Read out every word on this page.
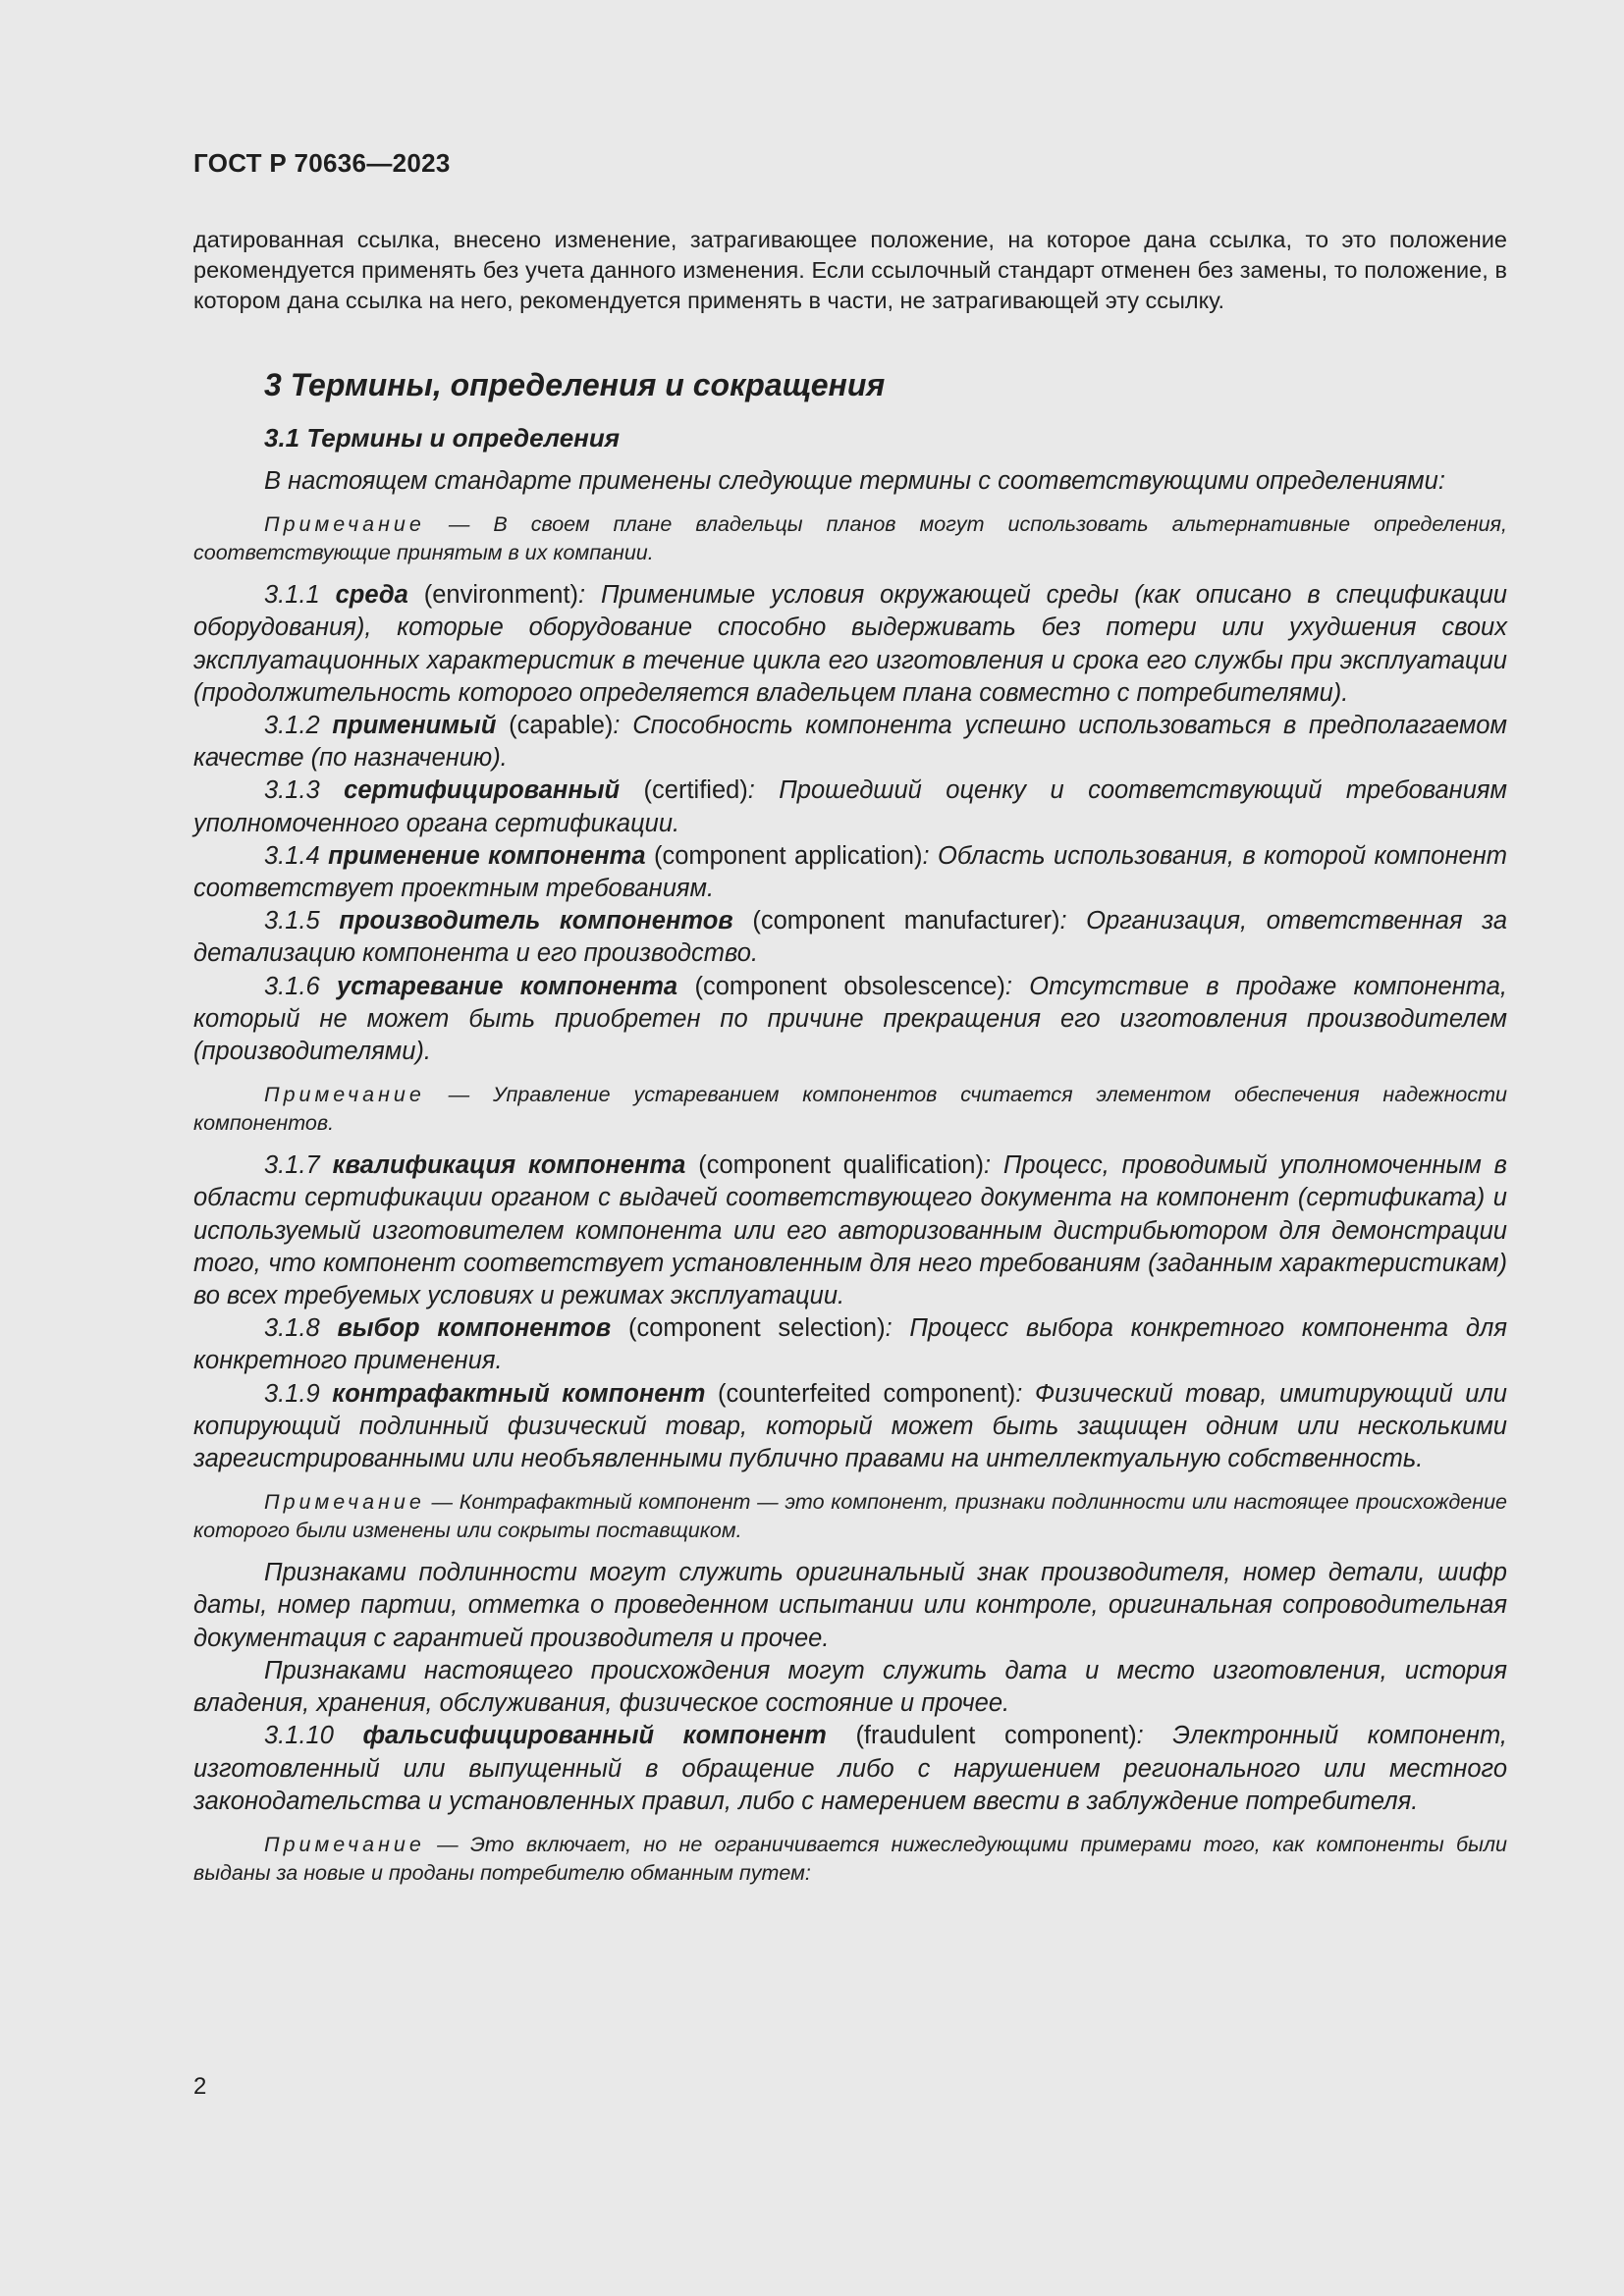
ГОСТ Р 70636—2023

датированная ссылка, внесено изменение, затрагивающее положение, на которое дана ссылка, то это положение рекомендуется применять без учета данного изменения. Если ссылочный стандарт отменен без замены, то положение, в котором дана ссылка на него, рекомендуется применять в части, не затрагивающей эту ссылку.

3 Термины, определения и сокращения
3.1 Термины и определения

В настоящем стандарте применены следующие термины с соответствующими определениями:

Примечание — В своем плане владельцы планов могут использовать альтернативные определения, соответствующие принятым в их компании.

3.1.1 среда (environment): Применимые условия окружающей среды (как описано в спецификации оборудования), которые оборудование способно выдерживать без потери или ухудшения своих эксплуатационных характеристик в течение цикла его изготовления и срока его службы при эксплуатации (продолжительность которого определяется владельцем плана совместно с потребителями).

3.1.2 применимый (capable): Способность компонента успешно использоваться в предполагаемом качестве (по назначению).

3.1.3 сертифицированный (certified): Прошедший оценку и соответствующий требованиям уполномоченного органа сертификации.

3.1.4 применение компонента (component application): Область использования, в которой компонент соответствует проектным требованиям.

3.1.5 производитель компонентов (component manufacturer): Организация, ответственная за детализацию компонента и его производство.

3.1.6 устаревание компонента (component obsolescence): Отсутствие в продаже компонента, который не может быть приобретен по причине прекращения его изготовления производителем (производителями).

Примечание — Управление устареванием компонентов считается элементом обеспечения надежности компонентов.

3.1.7 квалификация компонента (component qualification): Процесс, проводимый уполномоченным в области сертификации органом с выдачей соответствующего документа на компонент (сертификата) и используемый изготовителем компонента или его авторизованным дистрибьютором для демонстрации того, что компонент соответствует установленным для него требованиям (заданным характеристикам) во всех требуемых условиях и режимах эксплуатации.

3.1.8 выбор компонентов (component selection): Процесс выбора конкретного компонента для конкретного применения.

3.1.9 контрафактный компонент (counterfeited component): Физический товар, имитирующий или копирующий подлинный физический товар, который может быть защищен одним или несколькими зарегистрированными или необъявленными публично правами на интеллектуальную собственность.

Примечание — Контрафактный компонент — это компонент, признаки подлинности или настоящее происхождение которого были изменены или сокрыты поставщиком.

Признаками подлинности могут служить оригинальный знак производителя, номер детали, шифр даты, номер партии, отметка о проведенном испытании или контроле, оригинальная сопроводительная документация с гарантией производителя и прочее.

Признаками настоящего происхождения могут служить дата и место изготовления, история владения, хранения, обслуживания, физическое состояние и прочее.

3.1.10 фальсифицированный компонент (fraudulent component): Электронный компонент, изготовленный или выпущенный в обращение либо с нарушением регионального или местного законодательства и установленных правил, либо с намерением ввести в заблуждение потребителя.

Примечание — Это включает, но не ограничивается нижеследующими примерами того, как компоненты были выданы за новые и проданы потребителю обманным путем:

2
